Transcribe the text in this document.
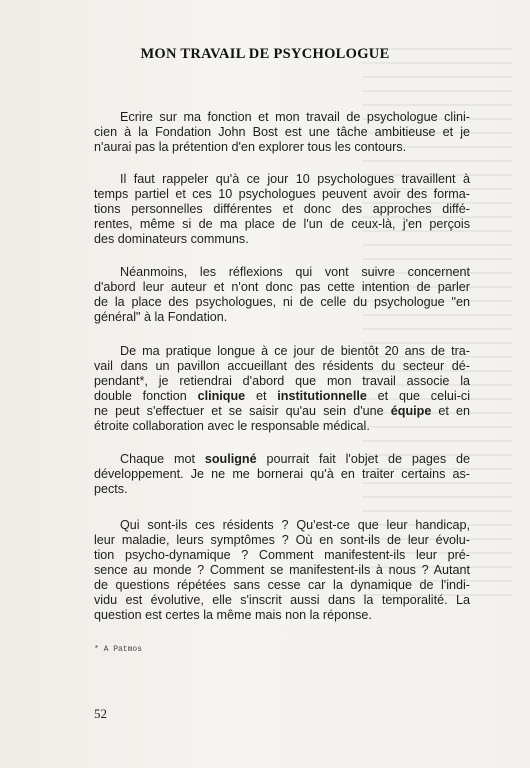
MON TRAVAIL DE PSYCHOLOGUE
Ecrire sur ma fonction et mon travail de psychologue clini-
cien à la Fondation John Bost est une tâche ambitieuse et je
n'aurai pas la prétention d'en explorer tous les contours.
Il faut rappeler qu'à ce jour 10 psychologues travaillent à
temps partiel et ces 10 psychologues peuvent avoir des forma-
tions personnelles différentes et donc des approches diffé-
rentes, même si de ma place de l'un de ceux-là, j'en perçois
des dominateurs communs.
Néanmoins, les réflexions qui vont suivre concernent
d'abord leur auteur et n'ont donc pas cette intention de parler
de la place des psychologues, ni de celle du psychologue "en
général" à la Fondation.
De ma pratique longue à ce jour de bientôt 20 ans de tra-
vail dans un pavillon accueillant des résidents du secteur dé-
pendant*, je retiendrai d'abord que mon travail associe la
double fonction clinique et institutionnelle et que celui-ci
ne peut s'effectuer et se saisir qu'au sein d'une équipe et en
étroite collaboration avec le responsable médical.
Chaque mot souligné pourrait fait l'objet de pages de
développement. Je ne me bornerai qu'à en traiter certains as-
pects.
Qui sont-ils ces résidents ? Qu'est-ce que leur handicap,
leur maladie, leurs symptômes ? Où en sont-ils de leur évolu-
tion psycho-dynamique ? Comment manifestent-ils leur pré-
sence au monde ? Comment se manifestent-ils à nous ? Autant
de questions répétées sans cesse car la dynamique de l'indi-
vidu est évolutive, elle s'inscrit aussi dans la temporalité. La
question est certes la même mais non la réponse.
* A Patmos
52
